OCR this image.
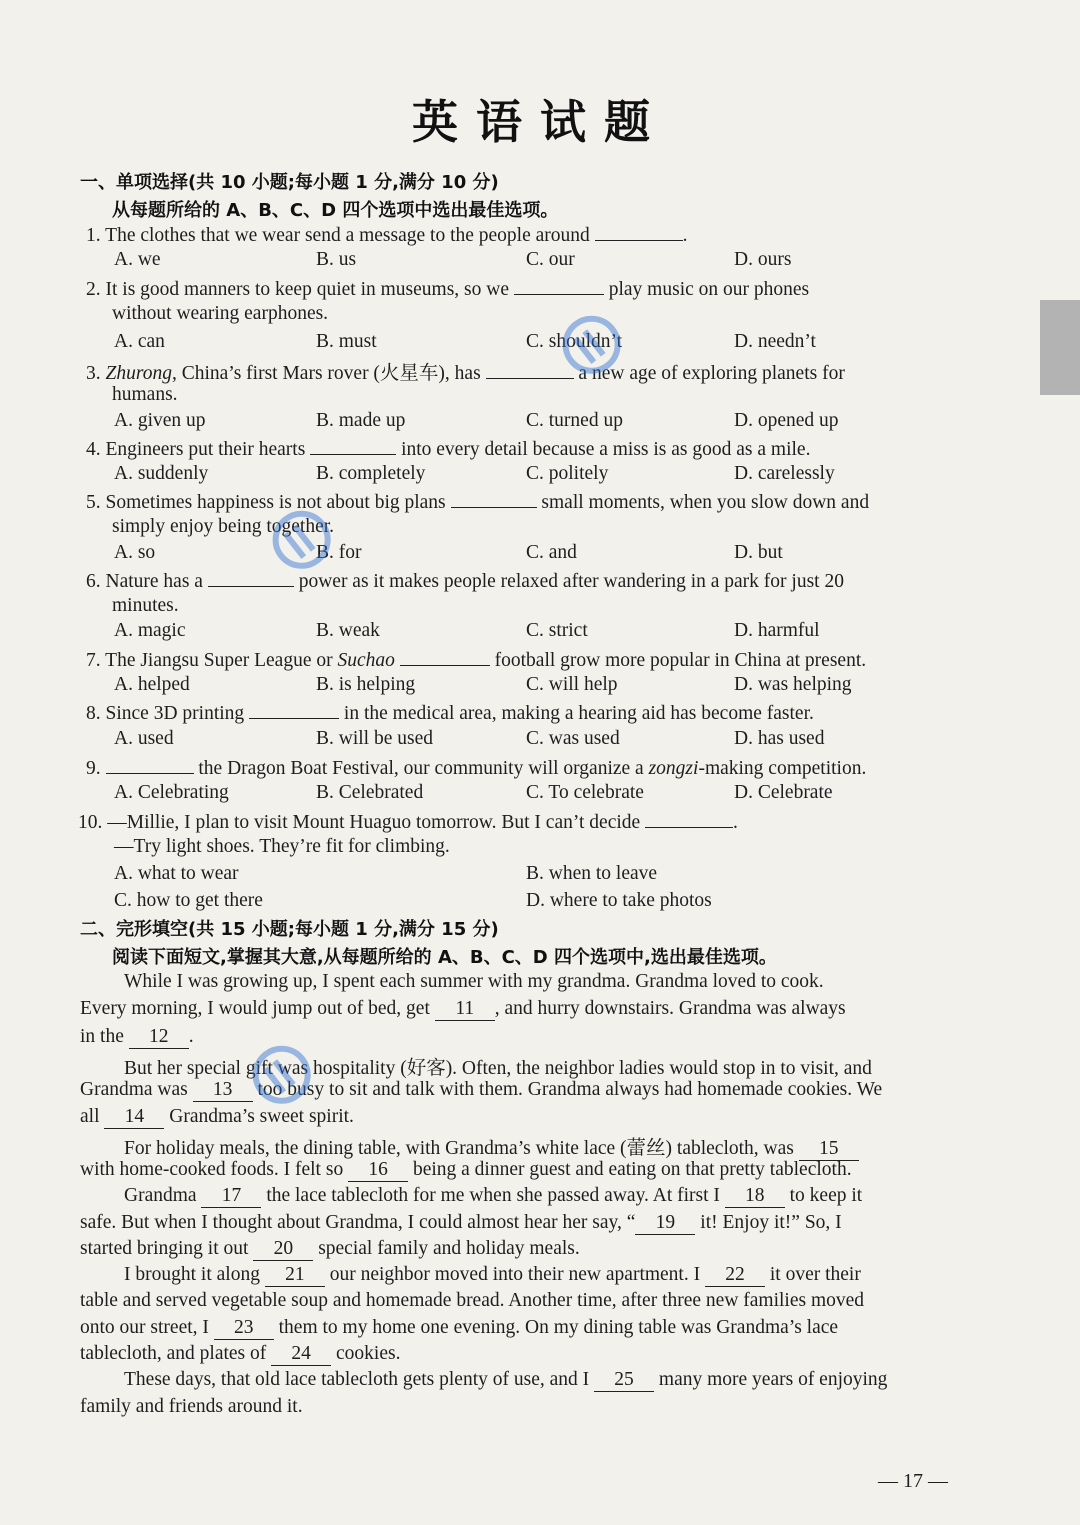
英语试题
一、单项选择(共 10 小题;每小题 1 分,满分 10 分)
从每题所给的 A、B、C、D 四个选项中选出最佳选项。
1. The clothes that we wear send a message to the people around	.
A. we	B. us	C. our	D. ours
2. It is good manners to keep quiet in museums, so we	play music on our phones
without wearing earphones.
A. can	B. must	C. shouldn’t	D. needn’t
3. Zhurong, China’s first Mars rover (火星车), has	a new age of exploring planets for
humans.
A. given up	B. made up	C. turned up	D. opened up
4. Engineers put their hearts	into every detail because a miss is as good as a mile.
A. suddenly	B. completely	C. politely	D. carelessly
5. Sometimes happiness is not about big plans	small moments, when you slow down and
simply enjoy being together.
A. so	B. for	C. and	D. but
6. Nature has a	power as it makes people relaxed after wandering in a park for just 20
minutes.
A. magic	B. weak	C. strict	D. harmful
7. The Jiangsu Super League or Suchao	football grow more popular in China at present.
A. helped	B. is helping	C. will help	D. was helping
8. Since 3D printing	in the medical area, making a hearing aid has become faster.
A. used	B. will be used	C. was used	D. has used
9.	the Dragon Boat Festival, our community will organize a zongzi-making competition.
A. Celebrating	B. Celebrated	C. To celebrate	D. Celebrate
10. —Millie, I plan to visit Mount Huaguo tomorrow. But I can’t decide	.
—Try light shoes. They’re fit for climbing.
A. what to wear	B. when to leave
C. how to get there	D. where to take photos
二、完形填空(共 15 小题;每小题 1 分,满分 15 分)
阅读下面短文,掌握其大意,从每题所给的 A、B、C、D 四个选项中,选出最佳选项。
While I was growing up, I spent each summer with my grandma. Grandma loved to cook.
Every morning, I would jump out of bed, get 11 , and hurry downstairs. Grandma was always
in the 12 .
But her special gift was hospitality (好客). Often, the neighbor ladies would stop in to visit, and
Grandma was 13 too busy to sit and talk with them. Grandma always had homemade cookies. We
all 14 Grandma’s sweet spirit.
For holiday meals, the dining table, with Grandma’s white lace (蕾丝) tablecloth, was 15
with home-cooked foods. I felt so 16 being a dinner guest and eating on that pretty tablecloth.
Grandma 17 the lace tablecloth for me when she passed away. At first I 18 to keep it
safe. But when I thought about Grandma, I could almost hear her say, “ 19 it! Enjoy it!” So, I
started bringing it out 20 special family and holiday meals.
I brought it along 21 our neighbor moved into their new apartment. I 22 it over their
table and served vegetable soup and homemade bread. Another time, after three new families moved
onto our street, I 23 them to my home one evening. On my dining table was Grandma’s lace
tablecloth, and plates of 24 cookies.
These days, that old lace tablecloth gets plenty of use, and I 25 many more years of enjoying
family and friends around it.
— 17 —
